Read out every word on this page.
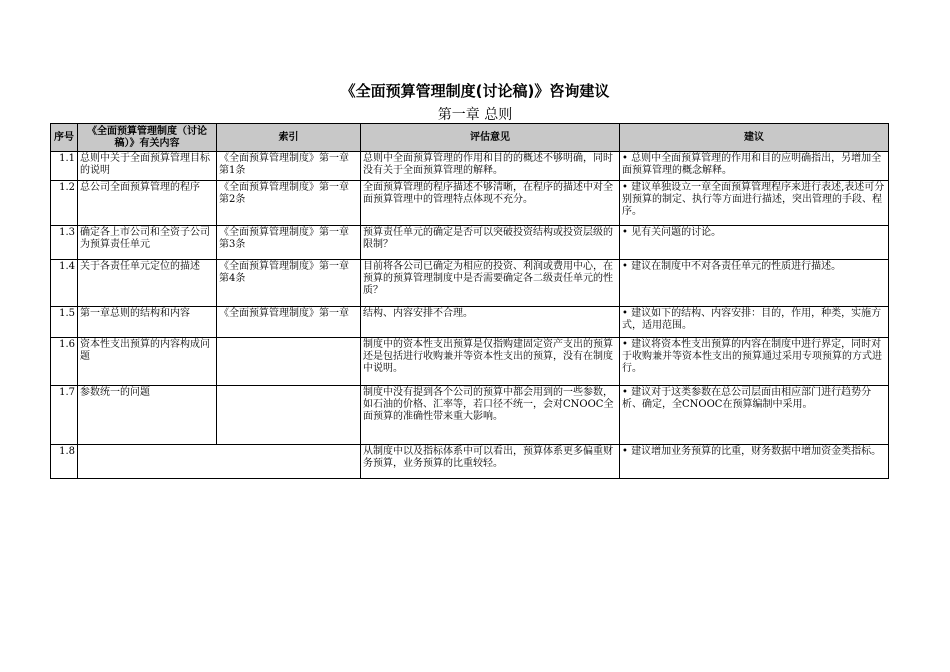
《全面预算管理制度(讨论稿)》咨询建议
第一章 总则
序号	《全面预算管理制度（讨论稿）》有关内容	索引	评估意见	建议
1.1	总则中关于全面预算管理目标的说明	《全面预算管理制度》第一章第1条	总则中全面预算管理的作用和目的的概述不够明确，同时没有关于全面预算管理的解释。	• 总则中全面预算管理的作用和目的应明确指出，另增加全面预算管理的概念解释。
1.2	总公司全面预算管理的程序	《全面预算管理制度》第一章第2条	全面预算管理的程序描述不够清晰，在程序的描述中对全面预算管理中的管理特点体现不充分。	• 建议单独设立一章全面预算管理程序来进行表述,表述可分别预算的制定、执行等方面进行描述，突出管理的手段、程序。
1.3	确定各上市公司和全资子公司为预算责任单元	《全面预算管理制度》第一章第3条	预算责任单元的确定是否可以突破投资结构或投资层级的限制？	• 见有关问题的讨论。
1.4	关于各责任单元定位的描述	《全面预算管理制度》第一章第4条	目前将各公司已确定为相应的投资、利润或费用中心，在预算的预算管理制度中是否需要确定各二级责任单元的性质？	• 建议在制度中不对各责任单元的性质进行描述。
1.5	第一章总则的结构和内容	《全面预算管理制度》第一章	结构、内容安排不合理。	• 建议如下的结构、内容安排：目的，作用，种类，实施方式，适用范围。
1.6	资本性支出预算的内容构成问题		制度中的资本性支出预算是仅指购建固定资产支出的预算还是包括进行收购兼并等资本性支出的预算，没有在制度中说明。	• 建议将资本性支出预算的内容在制度中进行界定，同时对于收购兼并等资本性支出的预算通过采用专项预算的方式进行。
1.7	参数统一的问题		制度中没有提到各个公司的预算中都会用到的一些参数，如石油的价格、汇率等，若口径不统一，会对CNOOC全面预算的准确性带来重大影响。	• 建议对于这类参数在总公司层面由相应部门进行趋势分析、确定，全CNOOC在预算编制中采用。
1.8			从制度中以及指标体系中可以看出，预算体系更多偏重财务预算，业务预算的比重较轻。	• 建议增加业务预算的比重，财务数据中增加资金类指标。
